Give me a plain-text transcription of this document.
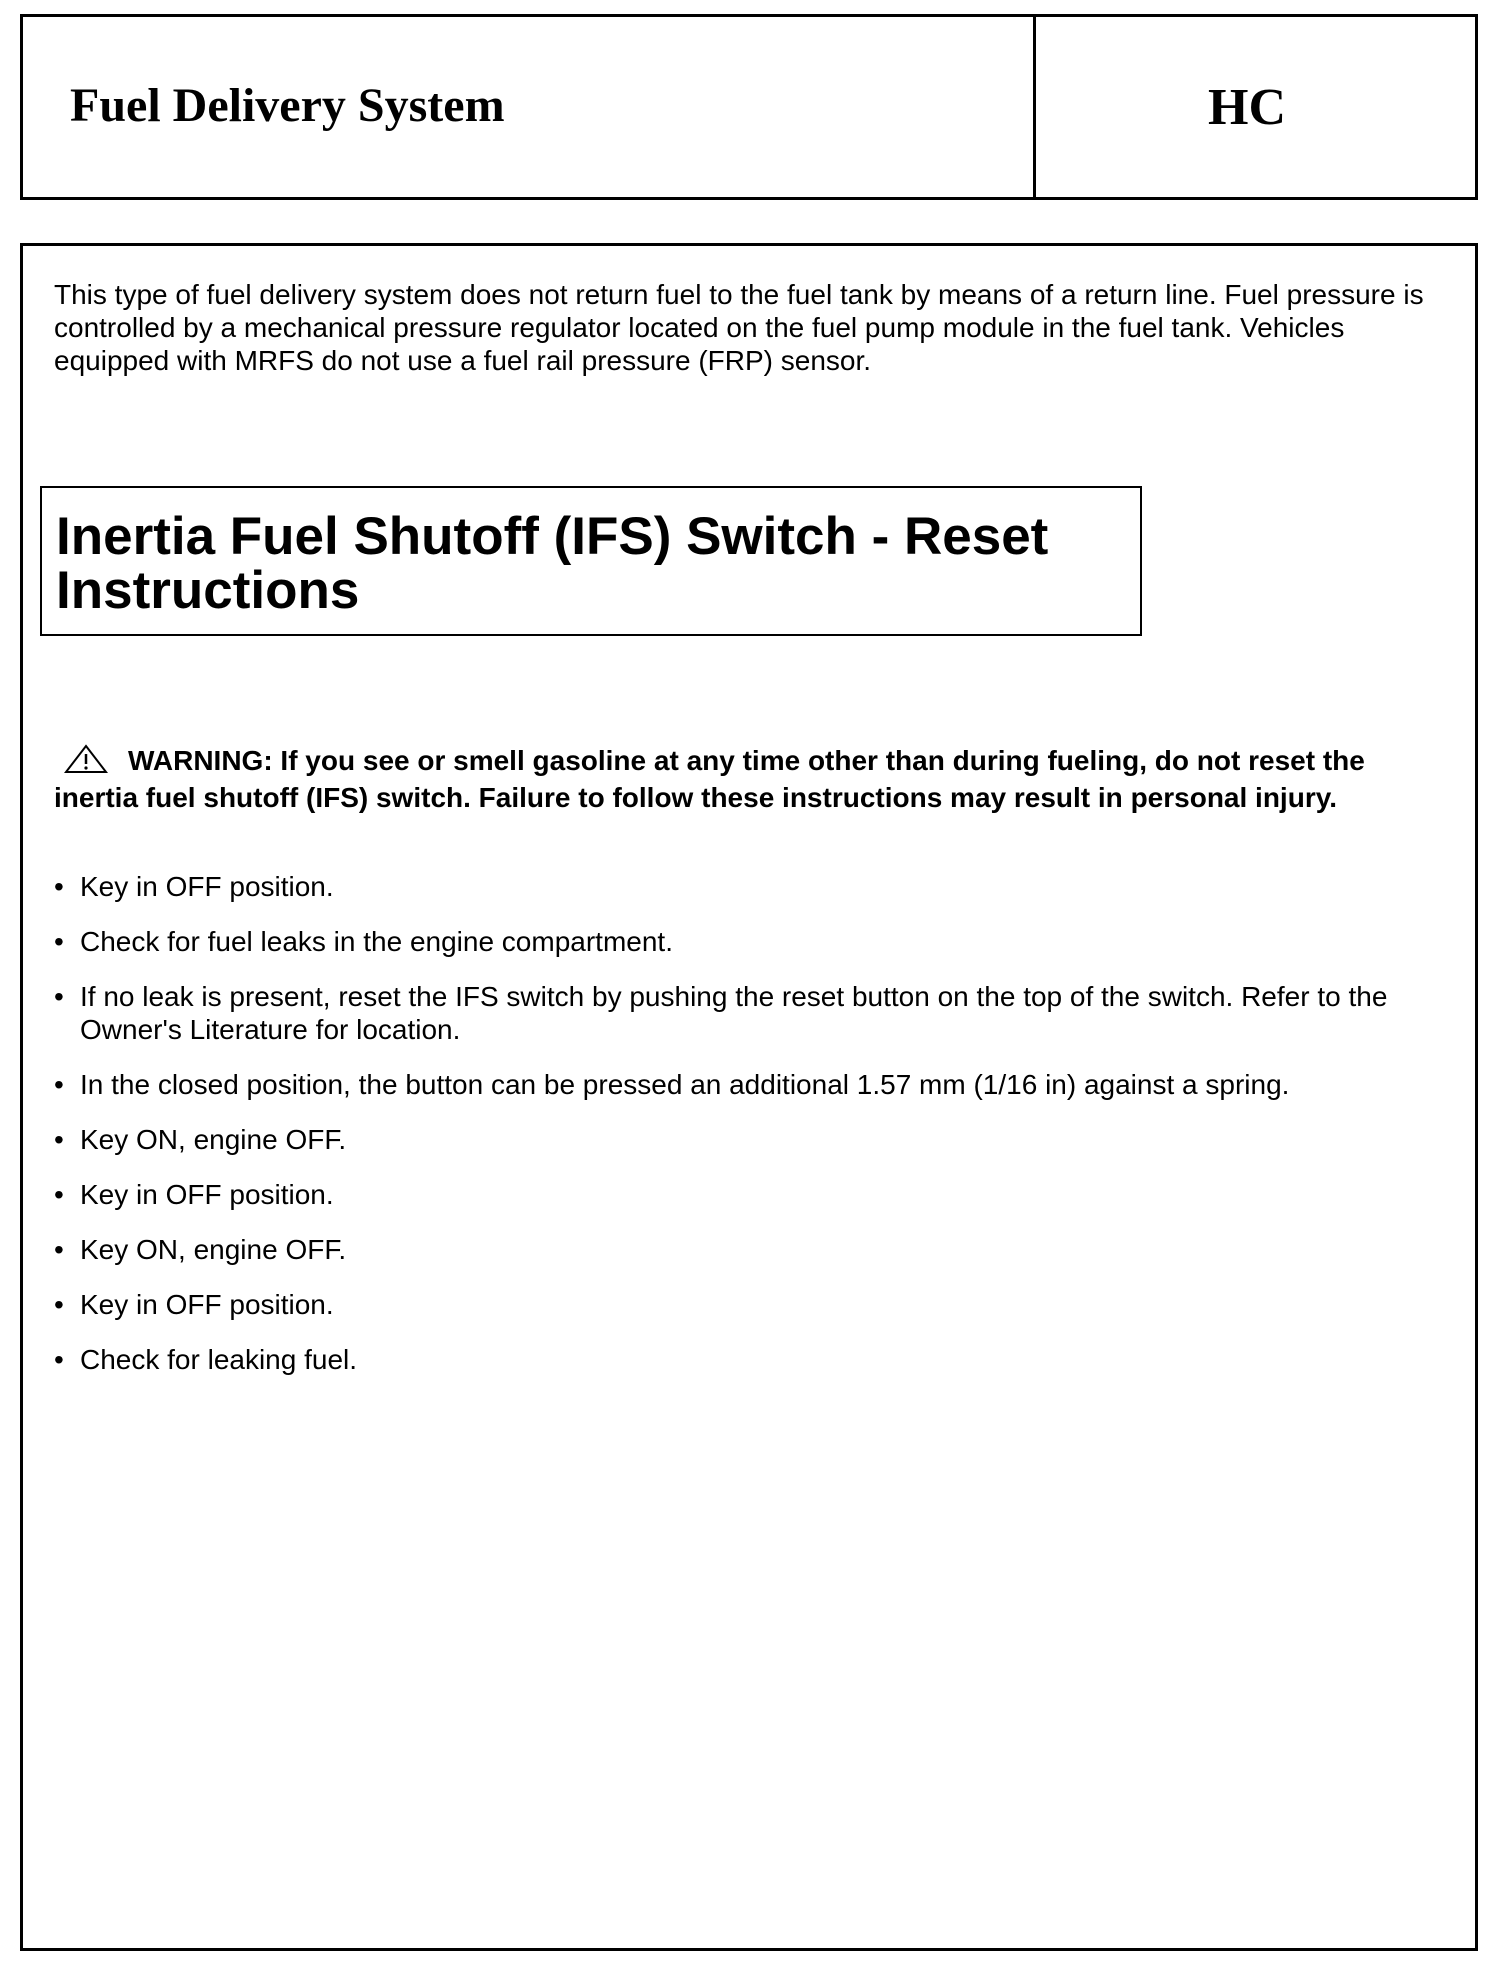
Fuel Delivery System	HC

This type of fuel delivery system does not return fuel to the fuel tank by means of a return line. Fuel pressure is controlled by a mechanical pressure regulator located on the fuel pump module in the fuel tank. Vehicles equipped with MRFS do not use a fuel rail pressure (FRP) sensor.

Inertia Fuel Shutoff (IFS) Switch - Reset Instructions

WARNING: If you see or smell gasoline at any time other than during fueling, do not reset the inertia fuel shutoff (IFS) switch. Failure to follow these instructions may result in personal injury.

• Key in OFF position.
• Check for fuel leaks in the engine compartment.
• If no leak is present, reset the IFS switch by pushing the reset button on the top of the switch. Refer to the Owner's Literature for location.
• In the closed position, the button can be pressed an additional 1.57 mm (1/16 in) against a spring.
• Key ON, engine OFF.
• Key in OFF position.
• Key ON, engine OFF.
• Key in OFF position.
• Check for leaking fuel.
